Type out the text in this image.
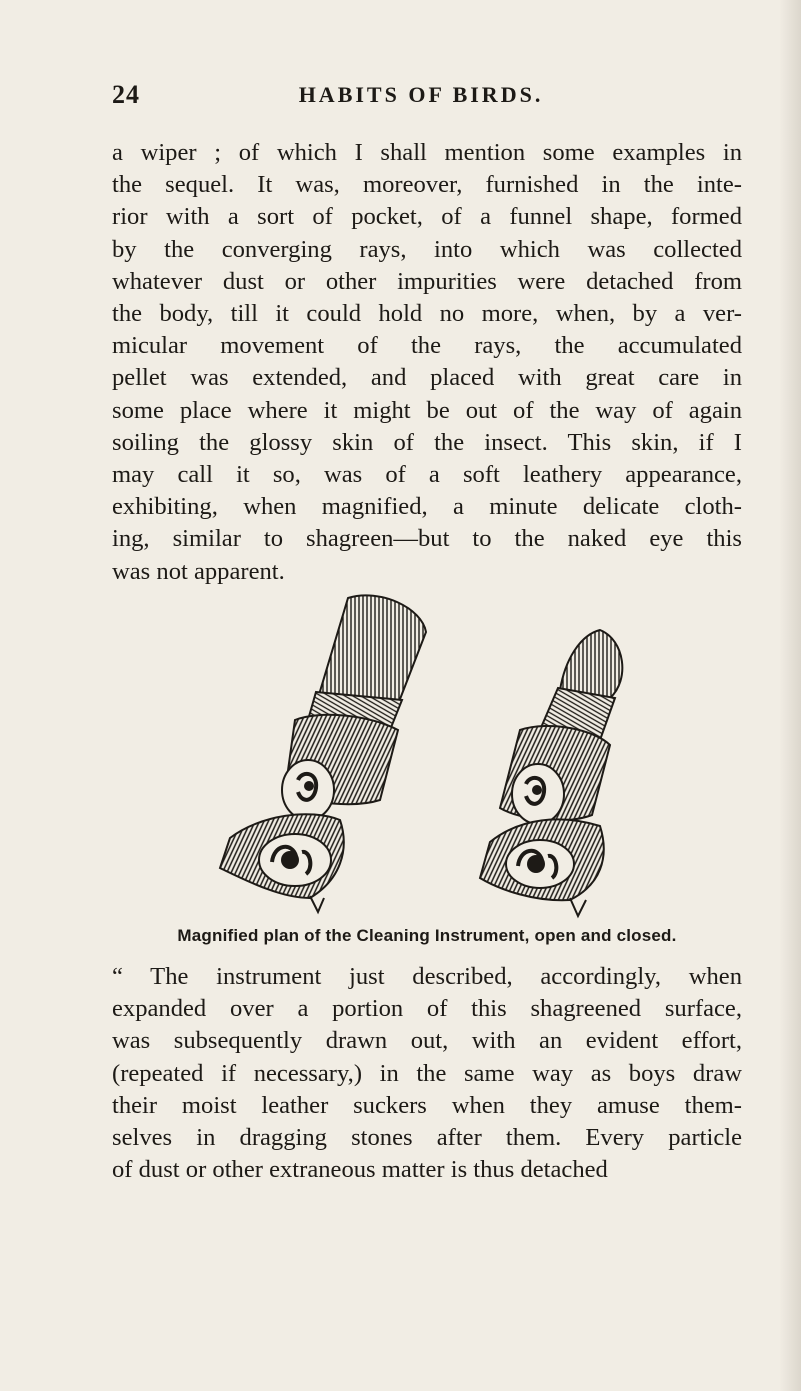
24	HABITS OF BIRDS.
a wiper ; of which I shall mention some examples in
the sequel. It was, moreover, furnished in the inte-
rior with a sort of pocket, of a funnel shape, formed
by the converging rays, into which was collected
whatever dust or other impurities were detached from
the body, till it could hold no more, when, by a ver-
micular movement of the rays, the accumulated
pellet was extended, and placed with great care in
some place where it might be out of the way of again
soiling the glossy skin of the insect. This skin, if I
may call it so, was of a soft leathery appearance,
exhibiting, when magnified, a minute delicate cloth-
ing, similar to shagreen—but to the naked eye this
was not apparent.
Magnified plan of the Cleaning Instrument, open and closed.
“ The instrument just described, accordingly, when
expanded over a portion of this shagreened surface,
was subsequently drawn out, with an evident effort,
(repeated if necessary,) in the same way as boys draw
their moist leather suckers when they amuse them-
selves in dragging stones after them. Every particle
of dust or other extraneous matter is thus detached
